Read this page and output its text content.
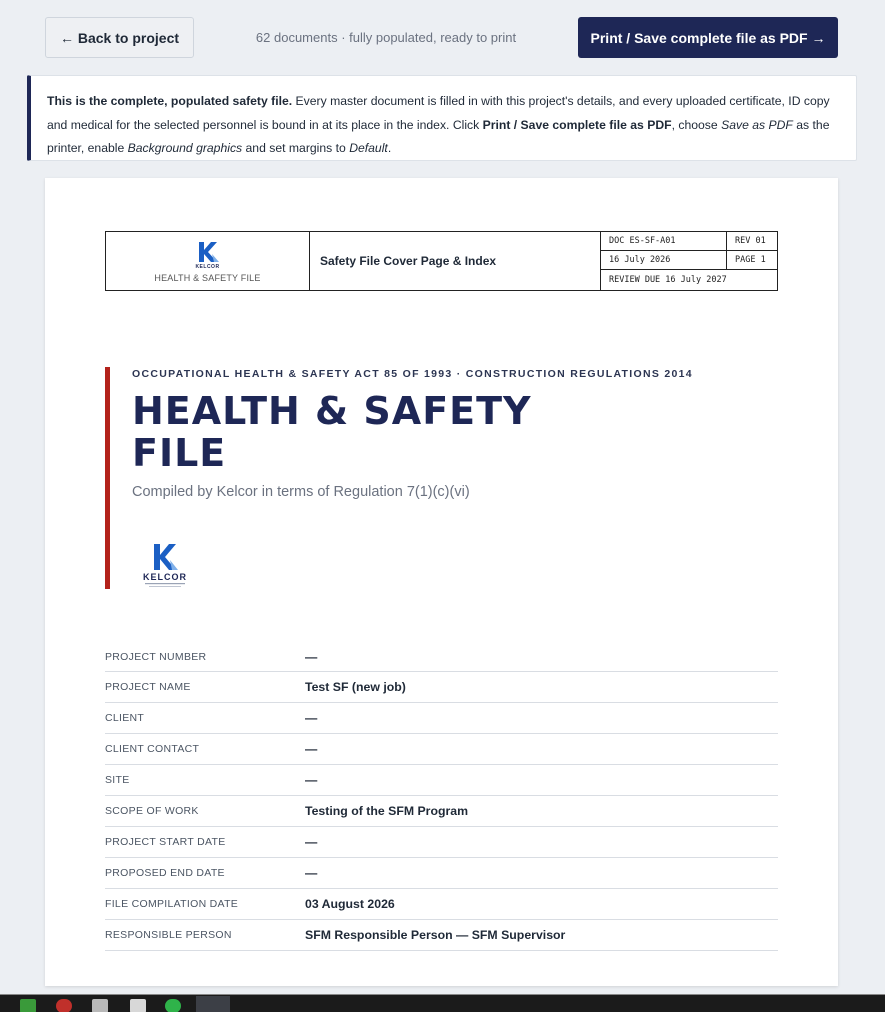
← Back to project	62 documents · fully populated, ready to print	Print / Save complete file as PDF →
This is the complete, populated safety file. Every master document is filled in with this project's details, and every uploaded certificate, ID copy and medical for the selected personnel is bound in at its place in the index. Click Print / Save complete file as PDF, choose Save as PDF as the printer, enable Background graphics and set margins to Default.
KELCOR
HEALTH & SAFETY FILE
Safety File Cover Page & Index
DOC ES-SF-A01	REV 01
16 July 2026	PAGE 1
REVIEW DUE 16 July 2027
OCCUPATIONAL HEALTH & SAFETY ACT 85 OF 1993 · CONSTRUCTION REGULATIONS 2014
HEALTH & SAFETY
FILE
Compiled by Kelcor in terms of Regulation 7(1)(c)(vi)
KELCOR
PROJECT NUMBER	—
PROJECT NAME	Test SF (new job)
CLIENT	—
CLIENT CONTACT	—
SITE	—
SCOPE OF WORK	Testing of the SFM Program
PROJECT START DATE	—
PROPOSED END DATE	—
FILE COMPILATION DATE	03 August 2026
RESPONSIBLE PERSON	SFM Responsible Person — SFM Supervisor
